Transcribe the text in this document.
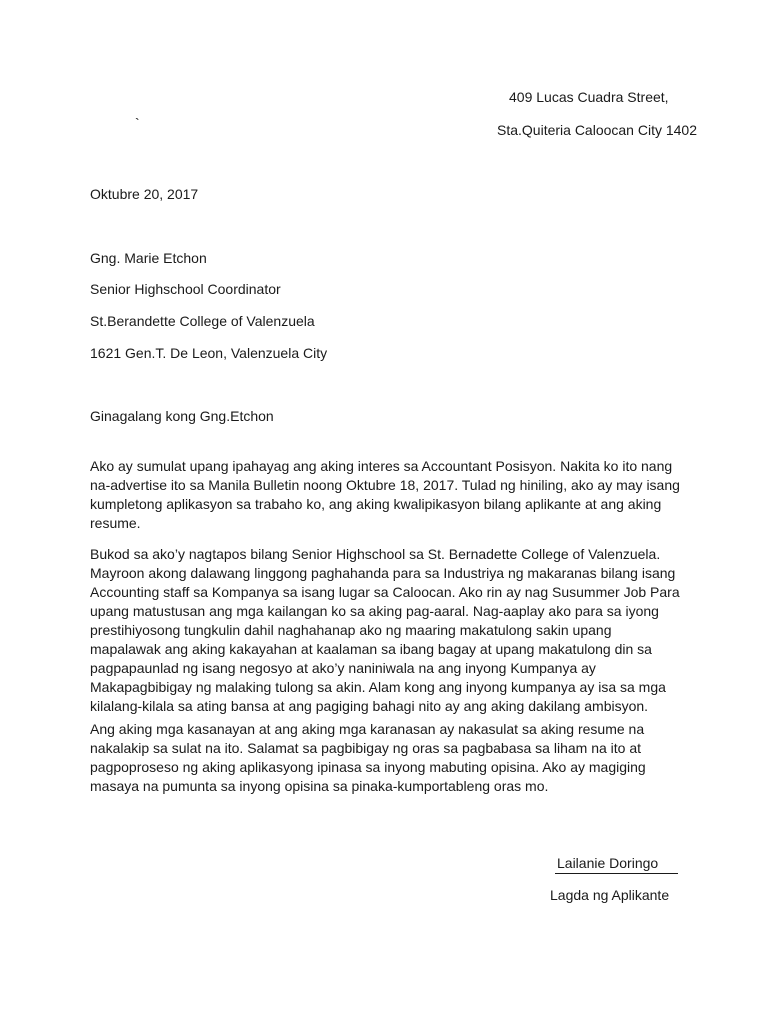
409 Lucas Cuadra Street,
`	Sta.Quiteria Caloocan City 1402
Oktubre 20, 2017
Gng. Marie Etchon
Senior Highschool Coordinator
St.Berandette College of Valenzuela
1621 Gen.T. De Leon, Valenzuela City
Ginagalang kong Gng.Etchon
Ako ay sumulat upang ipahayag ang aking interes sa Accountant Posisyon. Nakita ko ito nang
na-advertise ito sa Manila Bulletin noong Oktubre 18, 2017. Tulad ng hiniling, ako ay may isang
kumpletong aplikasyon sa trabaho ko, ang aking kwalipikasyon bilang aplikante at ang aking
resume.
Bukod sa ako’y nagtapos bilang Senior Highschool sa St. Bernadette College of Valenzuela.
Mayroon akong dalawang linggong paghahanda para sa Industriya ng makaranas bilang isang
Accounting staff sa Kompanya sa isang lugar sa Caloocan. Ako rin ay nag Susummer Job Para
upang matustusan ang mga kailangan ko sa aking pag-aaral. Nag-aaplay ako para sa iyong
prestihiyosong tungkulin dahil naghahanap ako ng maaring makatulong sakin upang
mapalawak ang aking kakayahan at kaalaman sa ibang bagay at upang makatulong din sa
pagpapaunlad ng isang negosyo at ako’y naniniwala na ang inyong Kumpanya ay
Makapagbibigay ng malaking tulong sa akin. Alam kong ang inyong kumpanya ay isa sa mga
kilalang-kilala sa ating bansa at ang pagiging bahagi nito ay ang aking dakilang ambisyon.
Ang aking mga kasanayan at ang aking mga karanasan ay nakasulat sa aking resume na
nakalakip sa sulat na ito. Salamat sa pagbibigay ng oras sa pagbabasa sa liham na ito at
pagpoproseso ng aking aplikasyong ipinasa sa inyong mabuting opisina. Ako ay magiging
masaya na pumunta sa inyong opisina sa pinaka-kumportableng oras mo.
Lailanie Doringo
Lagda ng Aplikante
